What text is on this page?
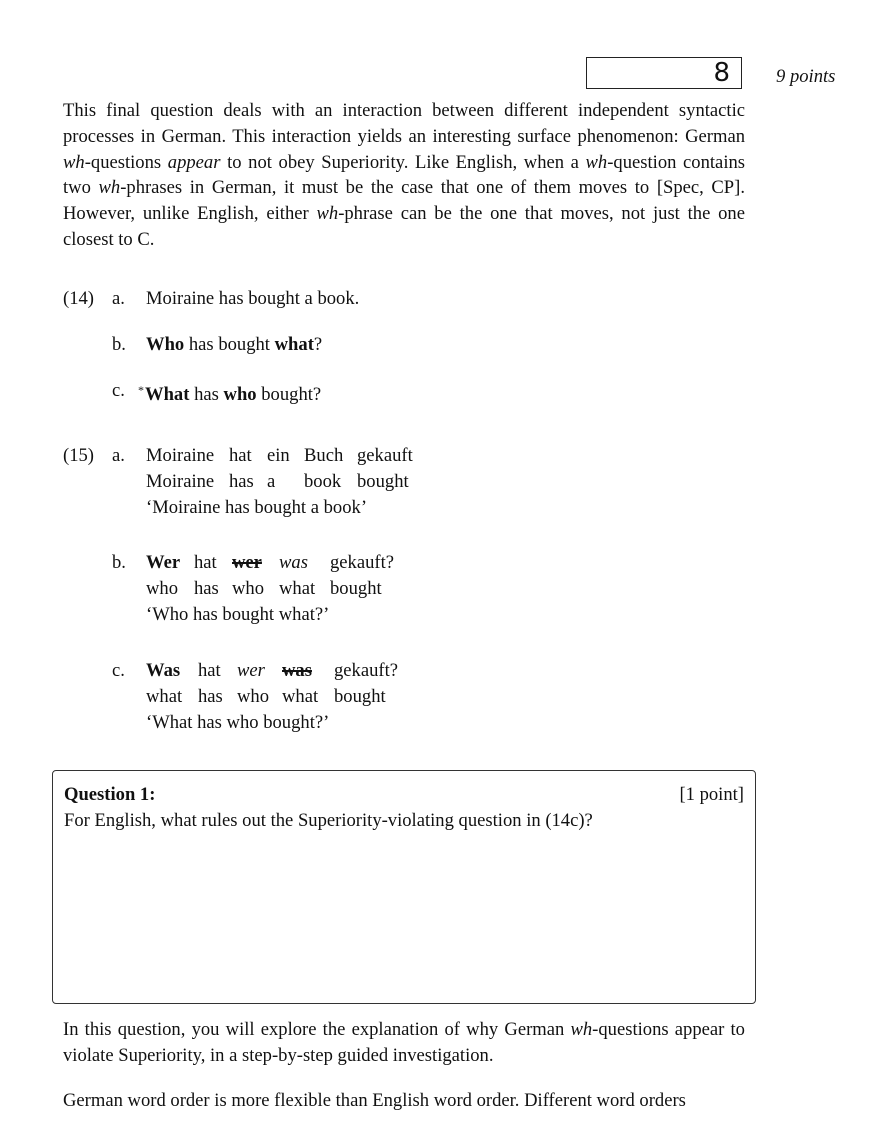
8 9 points

This final question deals with an interaction between different independent syntactic processes in German. This interaction yields an interesting surface phenomenon: German wh-questions appear to not obey Superiority. Like English, when a wh-question contains two wh-phrases in German, it must be the case that one of them moves to [Spec, CP]. However, unlike English, either wh-phrase can be the one that moves, not just the one closest to C.

(14) a. Moiraine has bought a book.
b. Who has bought what?
c. *What has who bought?
(15) a. Moiraine hat ein Buch gekauft
Moiraine has a	book bought
‘Moiraine has bought a book’
b. Wer hat wer was	gekauft?
who has who what bought
‘Who has bought what?’
c. Was hat wer was	gekauft?
what has who what bought
‘What has who bought?’
Question 1:	[1 point]
For English, what rules out the Superiority-violating question in (14c)?

In this question, you will explore the explanation of why German wh-questions appear to violate Superiority, in a step-by-step guided investigation.

German word order is more flexible than English word order. Different word orders
